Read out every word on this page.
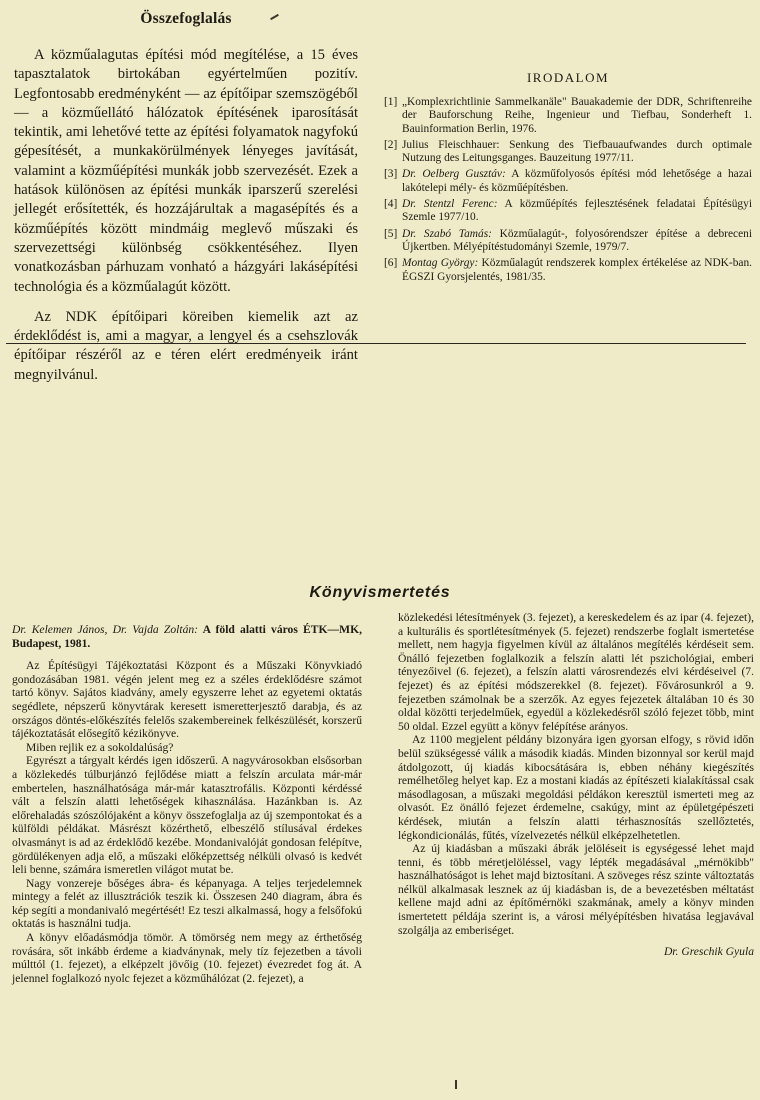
Összefoglalás

A közműalagutas építési mód megítélése, a 15 éves tapasztalatok birtokában egyértelműen pozitív. Legfontosabb eredményként — az építőipar szemszögéből — a közműellátó hálózatok építésének iparosítását tekintik, ami lehetővé tette az építési folyamatok nagyfokú gépesítését, a munkakörülmények lényeges javítását, valamint a közműépítési munkák jobb szervezését. Ezek a hatások különösen az építési munkák iparszerű szerelési jellegét erősítették, és hozzájárultak a magasépítés és a közműépítés között mindmáig meglevő műszaki és szervezettségi különbség csökkentéséhez. Ilyen vonatkozásban párhuzam vonható a házgyári lakásépítési technológia és a közműalagút között.

Az NDK építőipari köreiben kiemelik azt az érdeklődést is, ami a magyar, a lengyel és a csehszlovák építőipar részéről az e téren elért eredményeik iránt megnyilvánul.

IRODALOM

[1] „Komplexrichtlinie Sammelkanäle" Bauakademie der DDR, Schriftenreihe der Bauforschung Reihe, Ingenieur und Tiefbau, Sonderheft 1. Bauinformation Berlin, 1976.

[2] Julius Fleischhauer: Senkung des Tiefbauaufwandes durch optimale Nutzung des Leitungsganges. Bauzeitung 1977/11.

[3] Dr. Oelberg Gusztáv: A közműfolyosós építési mód lehetősége a hazai lakótelepi mély- és közműépítésben.

[4] Dr. Stentzl Ferenc: A közműépítés fejlesztésének feladatai Építésügyi Szemle 1977/10.

[5] Dr. Szabó Tamás: Közműalagút-, folyosórendszer építése a debreceni Újkertben. Mélyépítéstudományi Szemle, 1979/7.

[6] Montag György: Közműalagút rendszerek komplex értékelése az NDK-ban. ÉGSZI Gyorsjelentés, 1981/35.

Könyvismertetés

Dr. Kelemen János, Dr. Vajda Zoltán: A föld alatti város ÉTK—MK, Budapest, 1981.

Az Építésügyi Tájékoztatási Központ és a Műszaki Könyvkiadó gondozásában 1981. végén jelent meg ez a széles érdeklődésre számot tartó könyv. Sajátos kiadvány, amely egyszerre lehet az egyetemi oktatás segédlete, népszerű könyvtárak keresett ismeretterjesztő darabja, és az országos döntés-előkészítés felelős szakembereinek felkészülését, korszerű tájékoztatását elősegítő kézikönyve.

Miben rejlik ez a sokoldalúság?

Egyrészt a tárgyalt kérdés igen időszerű. A nagyvárosokban elsősorban a közlekedés túlburjánzó fejlődése miatt a felszín arculata már-már embertelen, használhatósága már-már katasztrofális. Központi kérdéssé vált a felszín alatti lehetőségek kihasználása. Hazánkban is. Az előrehaladás szószólójaként a könyv összefoglalja az új szempontokat és a külföldi példákat. Másrészt közérthető, elbeszélő stílusával érdekes olvasmányt is ad az érdeklődő kezébe. Mondanivalóját gondosan felépítve, gördülékenyen adja elő, a műszaki előképzettség nélküli olvasó is kedvét leli benne, számára ismeretlen világot mutat be.

Nagy vonzereje bőséges ábra- és képanyaga. A teljes terjedelemnek mintegy a felét az illusztrációk teszik ki. Összesen 240 diagram, ábra és kép segíti a mondanivaló megértését! Ez teszi alkalmassá, hogy a felsőfokú oktatás is használni tudja.

A könyv előadásmódja tömör. A tömörség nem megy az érthetőség rovására, sőt inkább érdeme a kiadványnak, mely tíz fejezetben a távoli múlttól (1. fejezet), a elképzelt jövőig (10. fejezet) évezredet fog át. A jelennel foglalkozó nyolc fejezet a közműhálózat (2. fejezet), a

közlekedési létesítmények (3. fejezet), a kereskedelem és az ipar (4. fejezet), a kulturális és sportlétesítmények (5. fejezet) rendszerbe foglalt ismertetése mellett, nem hagyja figyelmen kívül az általános megítélés kérdéseit sem. Önálló fejezetben foglalkozik a felszín alatti lét pszichológiai, emberi tényezőivel (6. fejezet), a felszín alatti városrendezés elvi kérdéseivel (7. fejezet) és az építési módszerekkel (8. fejezet). Fővárosunkról a 9. fejezetben számolnak be a szerzők. Az egyes fejezetek általában 10 és 30 oldal közötti terjedelműek, egyedül a közlekedésről szóló fejezet több, mint 50 oldal. Ezzel együtt a könyv felépítése arányos.

Az 1100 megjelent példány bizonyára igen gyorsan elfogy, s rövid időn belül szükségessé válik a második kiadás. Minden bizonnyal sor kerül majd átdolgozott, új kiadás kibocsátására is, ebben néhány kiegészítés remélhetőleg helyet kap. Ez a mostani kiadás az építészeti kialakítással csak másodlagosan, a műszaki megoldási példákon keresztül ismerteti meg az olvasót. Ez önálló fejezet érdemelne, csakúgy, mint az épületgépészeti kérdések, miután a felszín alatti térhasznosítás szellőztetés, légkondicionálás, fűtés, vízelvezetés nélkül elképzelhetetlen.

Az új kiadásban a műszaki ábrák jelöléseit is egységessé lehet majd tenni, és több méretjelöléssel, vagy lépték megadásával „mérnökibb" használhatóságot is lehet majd biztosítani. A szöveges rész szinte változtatás nélkül alkalmasak lesznek az új kiadásban is, de a bevezetésben méltatást kellene majd adni az építőmérnöki szakmának, amely a könyv minden ismertetett példája szerint is, a városi mélyépítésben hivatása legjavával szolgálja az emberiséget.

Dr. Greschik Gyula
